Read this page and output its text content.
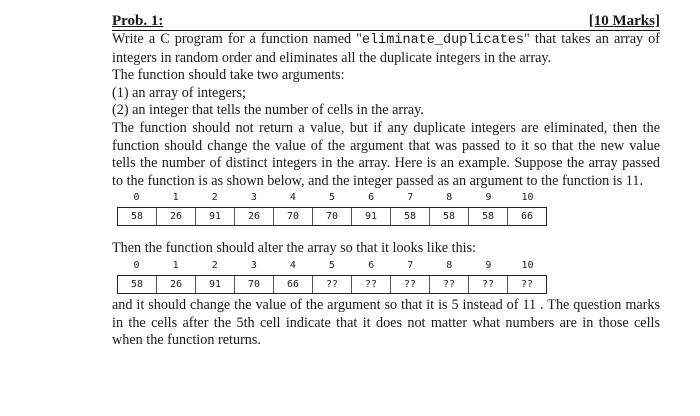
Prob. 1:	[10 Marks]

Write a C program for a function named "eliminate_duplicates" that takes an array of integers in random order and eliminates all the duplicate integers in the array.

The function should take two arguments:

(1) an array of integers;

(2) an integer that tells the number of cells in the array.

The function should not return a value, but if any duplicate integers are eliminated, then the function should change the value of the argument that was passed to it so that the new value tells the number of distinct integers in the array. Here is an example. Suppose the array passed to the function is as shown below, and the integer passed as an argument to the function is 11.

0	1	2	3	4	5	6	7	8	9	10
58	26	91	26	70	70	91	58	58	58	66

Then the function should alter the array so that it looks like this:

0	1	2	3	4	5	6	7	8	9	10
58	26	91	70	66	??	??	??	??	??	??

and it should change the value of the argument so that it is 5 instead of 11 . The question marks in the cells after the 5th cell indicate that it does not matter what numbers are in those cells when the function returns.
